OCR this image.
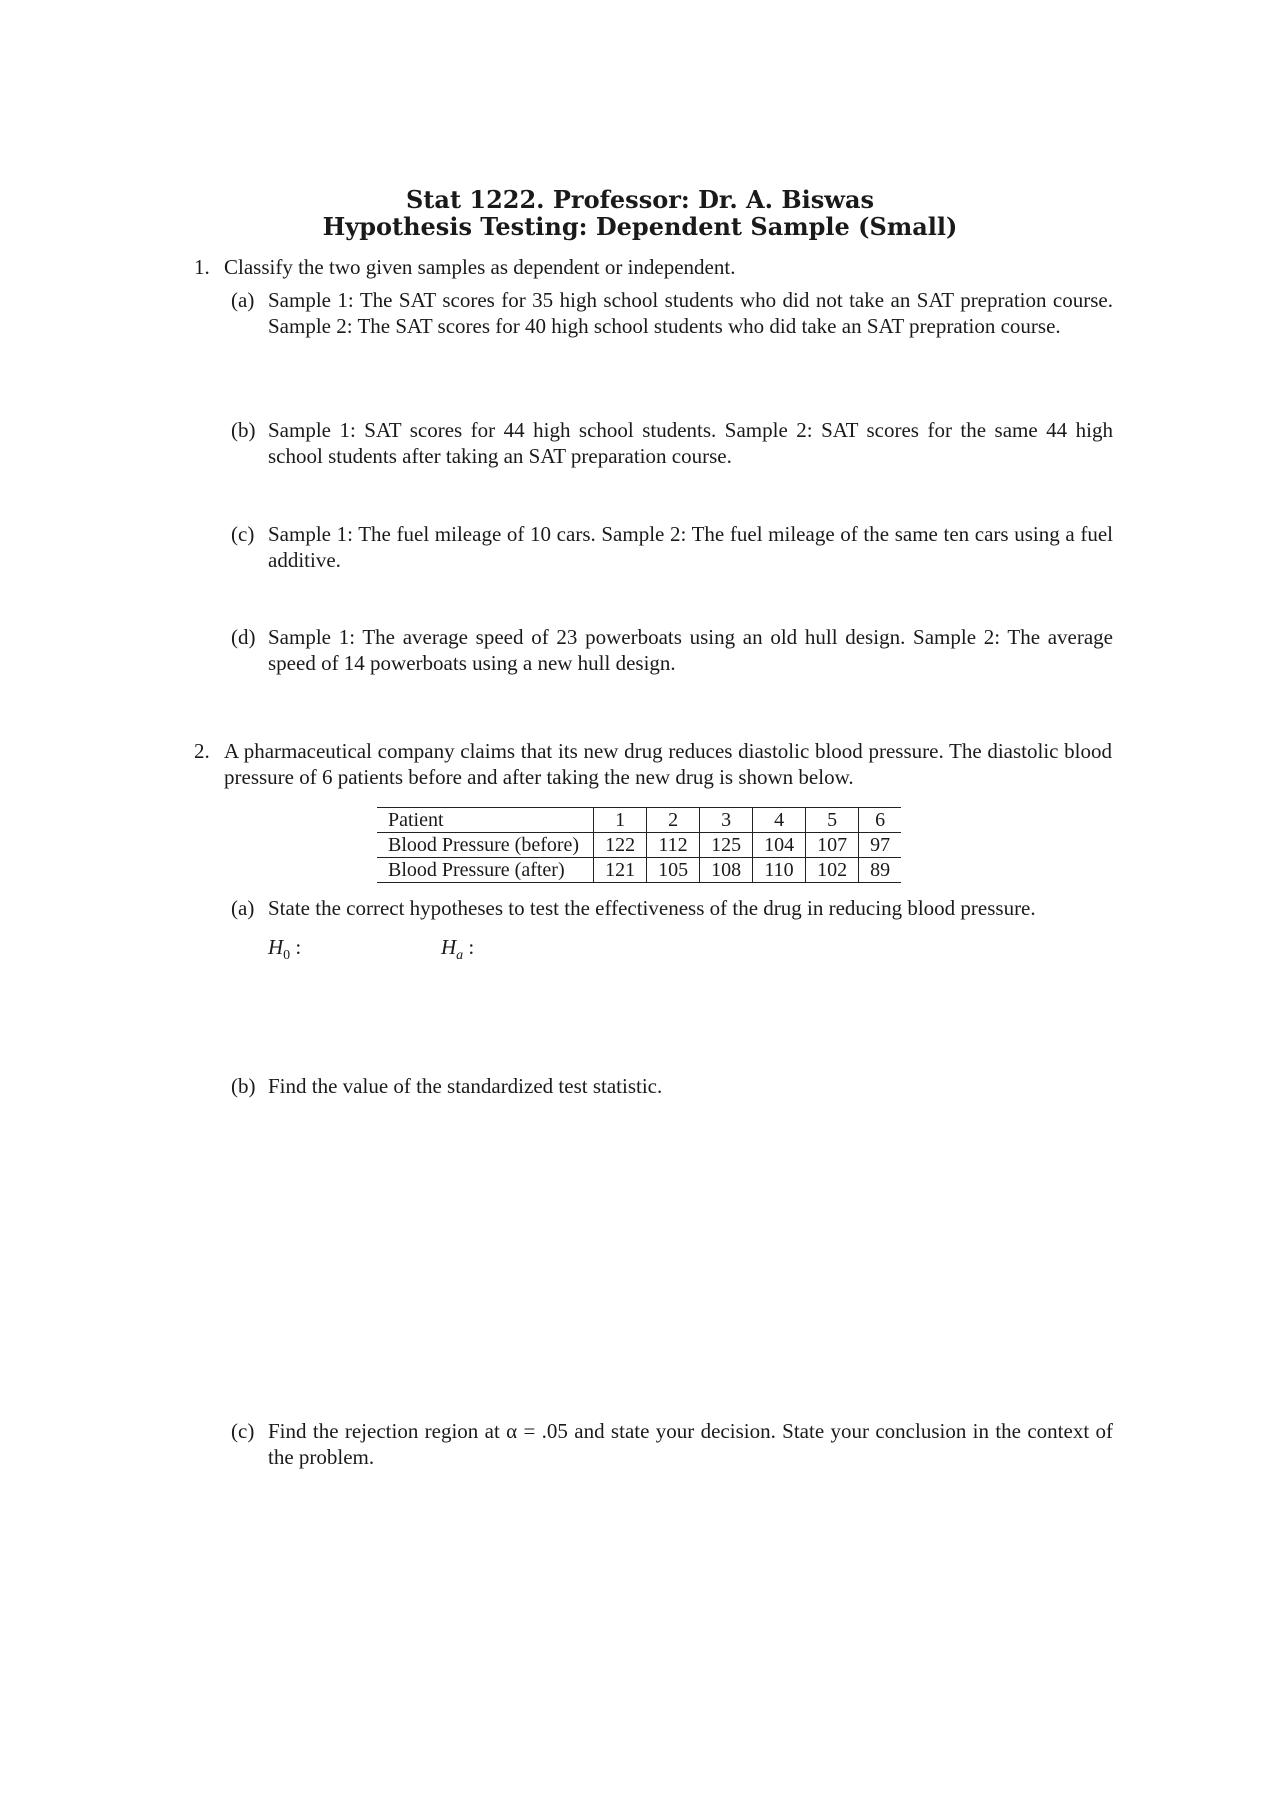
Stat 1222. Professor: Dr. A. Biswas
Hypothesis Testing: Dependent Sample (Small)
1. Classify the two given samples as dependent or independent.
(a) Sample 1: The SAT scores for 35 high school students who did not take an SAT prepration course. Sample 2: The SAT scores for 40 high school students who did take an SAT prepration course.
(b) Sample 1: SAT scores for 44 high school students. Sample 2: SAT scores for the same 44 high school students after taking an SAT preparation course.
(c) Sample 1: The fuel mileage of 10 cars. Sample 2: The fuel mileage of the same ten cars using a fuel additive.
(d) Sample 1: The average speed of 23 powerboats using an old hull design. Sample 2: The average speed of 14 powerboats using a new hull design.
2. A pharmaceutical company claims that its new drug reduces diastolic blood pressure. The diastolic blood pressure of 6 patients before and after taking the new drug is shown below.
Patient	1	2	3	4	5	6
Blood Pressure (before)	122	112	125	104	107	97
Blood Pressure (after)	121	105	108	110	102	89
(a) State the correct hypotheses to test the effectiveness of the drug in reducing blood pressure.
$H_0$ :	$H_a$ :
(b) Find the value of the standardized test statistic.
(c) Find the rejection region at α = .05 and state your decision. State your conclusion in the context of the problem.
